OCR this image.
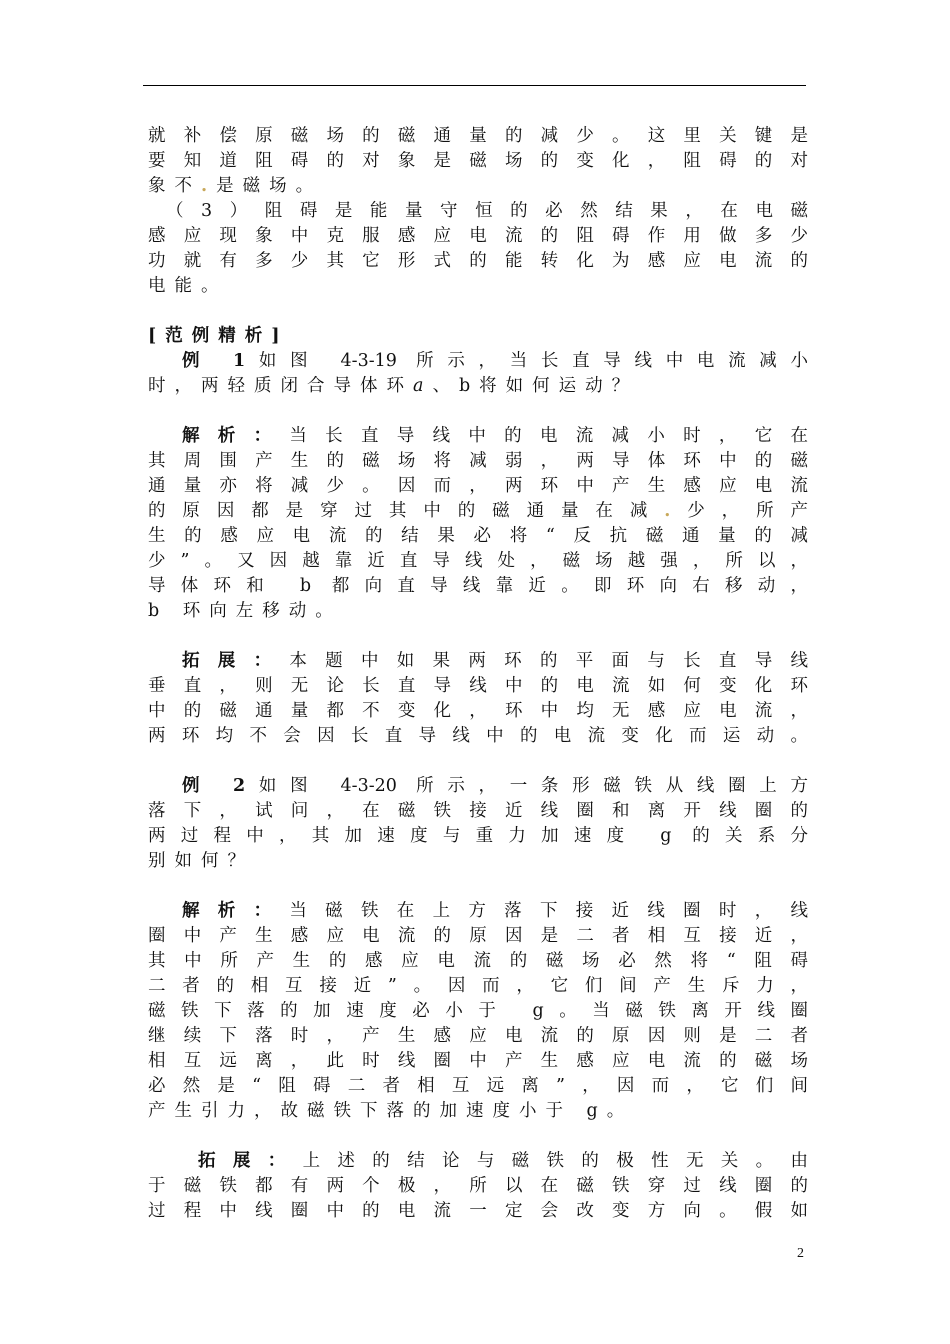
就补偿原磁场的磁通量的减少。这里关键是
要知道阻碍的对象是磁场的变化，阻碍的对
象不.是磁场。
（3）阻碍是能量守恒的必然结果，在电磁
感应现象中克服感应电流的阻碍作用做多少
功就有多少其它形式的能转化为感应电流的
电能。
[范例精析]
例 1如图 4-3-19 所示，当长直导线中电流减小
时，两轻质闭合导体环a、b将如何运动？
解析：当长直导线中的电流减小时，它在
其周围产生的磁场将减弱，两导体环中的磁
通量亦将减少。因而，两环中产生感应电流
的原因都是穿过其中的磁通量在减.少，所产
生的感应电流的结果必将“反抗磁通量的减
少”。又因越靠近直导线处，磁场越强，所以，
导体环和 b 都向直导线靠近。即环向右移动，
b 环向左移动。
拓展：本题中如果两环的平面与长直导线
垂直，则无论长直导线中的电流如何变化环
中的磁通量都不变化，环中均无感应电流，
两环均不会因长直导线中的电流变化而运动。
例 2如图 4-3-20 所示，一条形磁铁从线圈上方
落下，试问，在磁铁接近线圈和离开线圈的
两过程中，其加速度与重力加速度 g 的关系分
别如何？
解析：当磁铁在上方落下接近线圈时，线
圈中产生感应电流的原因是二者相互接近，
其中所产生的感应电流的磁场必然将“阻碍
二者的相互接近”。因而，它们间产生斥力，
磁铁下落的加速度必小于 g。当磁铁离开线圈
继续下落时，产生感应电流的原因则是二者
相互远离，此时线圈中产生感应电流的磁场
必然是“阻碍二者相互远离”，因而，它们间
产生引力，故磁铁下落的加速度小于 g。
拓展：上述的结论与磁铁的极性无关。由
于磁铁都有两个极，所以在磁铁穿过线圈的
过程中线圈中的电流一定会改变方向。假如
2
